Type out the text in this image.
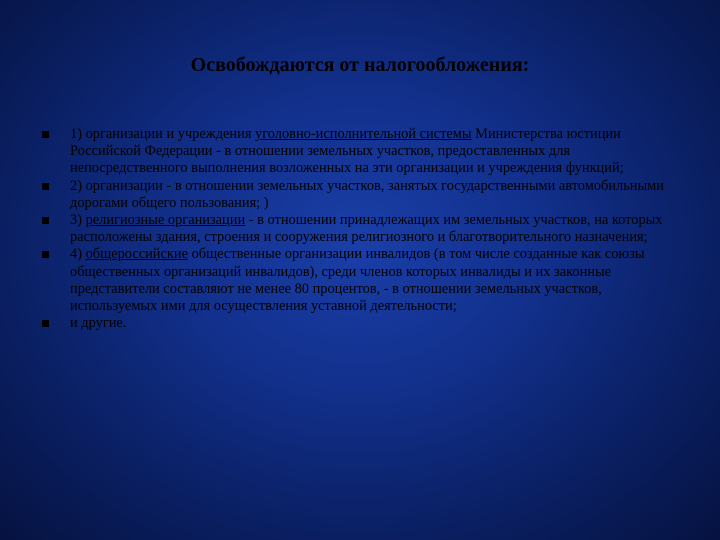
Освобождаются от налогообложения:
1) организации и учреждения уголовно-исполнительной системы Министерства юстиции Российской Федерации - в отношении земельных участков, предоставленных для непосредственного выполнения возложенных на эти организации и учреждения функций;
2) организации - в отношении земельных участков, занятых государственными автомобильными дорогами общего пользования; )
3) религиозные организации - в отношении принадлежащих им земельных участков, на которых расположены здания, строения и сооружения религиозного и благотворительного назначения;
4) общероссийские общественные организации инвалидов (в том числе созданные как союзы общественных организаций инвалидов), среди членов которых инвалиды и их законные представители составляют не менее 80 процентов, - в отношении земельных участков, используемых ими для осуществления уставной деятельности;
и другие.
